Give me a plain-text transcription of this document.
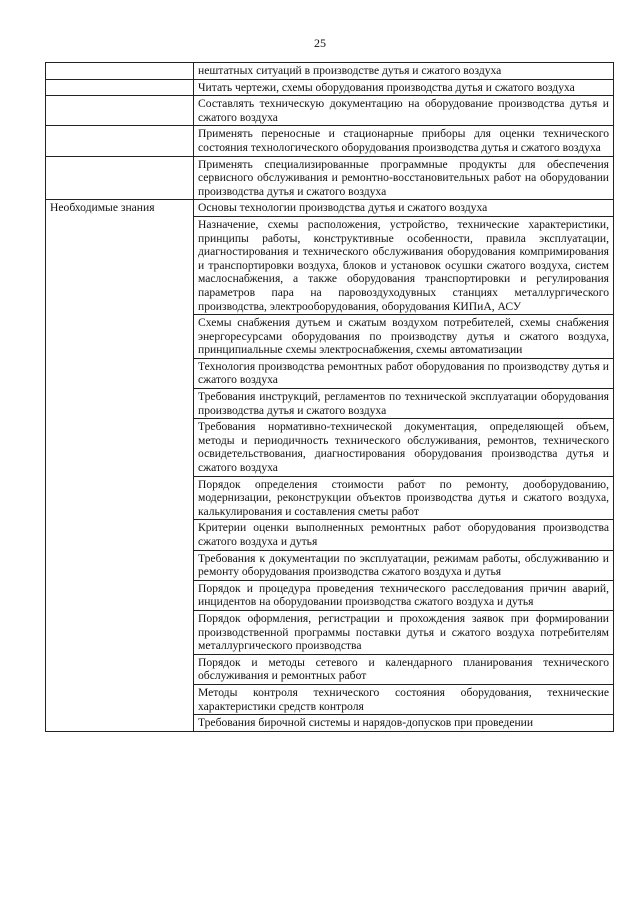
25
	нештатных ситуаций в производстве дутья и сжатого воздуха
	Читать чертежи, схемы оборудования производства дутья и сжатого воздуха
	Составлять техническую документацию на оборудование производства дутья и сжатого воздуха
	Применять переносные и стационарные приборы для оценки технического состояния технологического оборудования производства дутья и сжатого воздуха
	Применять специализированные программные продукты для обеспечения сервисного обслуживания и ремонтно-восстановительных работ на оборудовании производства дутья и сжатого воздуха
Необходимые знания	Основы технологии производства дутья и сжатого воздуха
	Назначение, схемы расположения, устройство, технические характеристики, принципы работы, конструктивные особенности, правила эксплуатации, диагностирования и технического обслуживания оборудования компримирования и транспортировки воздуха, блоков и установок осушки сжатого воздуха, систем маслоснабжения, а также оборудования транспортировки и регулирования параметров пара на паровоздуходувных станциях металлургического производства, электрооборудования, оборудования КИПиА, АСУ
	Схемы снабжения дутьем и сжатым воздухом потребителей, схемы снабжения энергоресурсами оборудования по производству дутья и сжатого воздуха, принципиальные схемы электроснабжения, схемы автоматизации
	Технология производства ремонтных работ оборудования по производству дутья и сжатого воздуха
	Требования инструкций, регламентов по технической эксплуатации оборудования производства дутья и сжатого воздуха
	Требования нормативно-технической документация, определяющей объем, методы и периодичность технического обслуживания, ремонтов, технического освидетельствования, диагностирования оборудования производства дутья и сжатого воздуха
	Порядок определения стоимости работ по ремонту, дооборудованию, модернизации, реконструкции объектов производства дутья и сжатого воздуха, калькулирования и составления сметы работ
	Критерии оценки выполненных ремонтных работ оборудования производства сжатого воздуха и дутья
	Требования к документации по эксплуатации, режимам работы, обслуживанию и ремонту оборудования производства сжатого воздуха и дутья
	Порядок и процедура проведения технического расследования причин аварий, инцидентов на оборудовании производства сжатого воздуха и дутья
	Порядок оформления, регистрации и прохождения заявок при формировании производственной программы поставки дутья и сжатого воздуха потребителям металлургического производства
	Порядок и методы сетевого и календарного планирования технического обслуживания и ремонтных работ
	Методы контроля технического состояния оборудования, технические характеристики средств контроля
	Требования бирочной системы и нарядов-допусков при проведении
